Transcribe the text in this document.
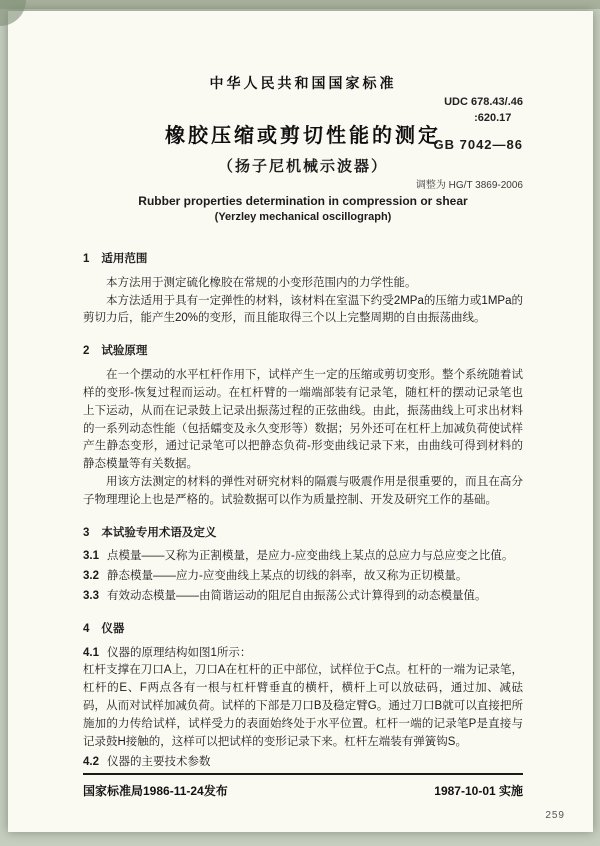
中华人民共和国国家标准
UDC 678.43/.46
:620.17
橡胶压缩或剪切性能的测定
（扬子尼机械示波器）
GB 7042—86
调整为 HG/T 3869-2006
Rubber properties determination in compression or shear
(Yerzley mechanical oscillograph)
1 适用范围

本方法用于测定硫化橡胶在常规的小变形范围内的力学性能。

本方法适用于具有一定弹性的材料，该材料在室温下约受2MPa的压缩力或1MPa的剪切力后，能产生20%的变形，而且能取得三个以上完整周期的自由振荡曲线。

2 试验原理

在一个摆动的水平杠杆作用下，试样产生一定的压缩或剪切变形。整个系统随着试样的变形-恢复过程而运动。在杠杆臂的一端端部装有记录笔，随杠杆的摆动记录笔也上下运动，从而在记录鼓上记录出振荡过程的正弦曲线。由此，振荡曲线上可求出材料的一系列动态性能（包括蠕变及永久变形等）数据；另外还可在杠杆上加减负荷使试样产生静态变形，通过记录笔可以把静态负荷-形变曲线记录下来，由曲线可得到材料的静态模量等有关数据。

用该方法测定的材料的弹性对研究材料的隔震与吸震作用是很重要的，而且在高分子物理理论上也是严格的。试验数据可以作为质量控制、开发及研究工作的基础。

3 本试验专用术语及定义

3.1 点模量——又称为正割模量，是应力-应变曲线上某点的总应力与总应变之比值。

3.2 静态模量——应力-应变曲线上某点的切线的斜率，故又称为正切模量。

3.3 有效动态模量——由简谐运动的阻尼自由振荡公式计算得到的动态模量值。

4 仪器

4.1 仪器的原理结构如图1所示：

杠杆支撑在刀口A上，刀口A在杠杆的正中部位，试样位于C点。杠杆的一端为记录笔，杠杆的E、F两点各有一根与杠杆臂垂直的横杆，横杆上可以放砝码，通过加、减砝码，从而对试样加减负荷。试样的下部是刀口B及稳定臂G。通过刀口B就可以直接把所施加的力传给试样，试样受力的表面始终处于水平位置。杠杆一端的记录笔P是直接与记录鼓H接触的，这样可以把试样的变形记录下来。杠杆左端装有弹簧钩S。

4.2 仪器的主要技术参数

国家标准局1986-11-24发布	1987-10-01 实施
259
